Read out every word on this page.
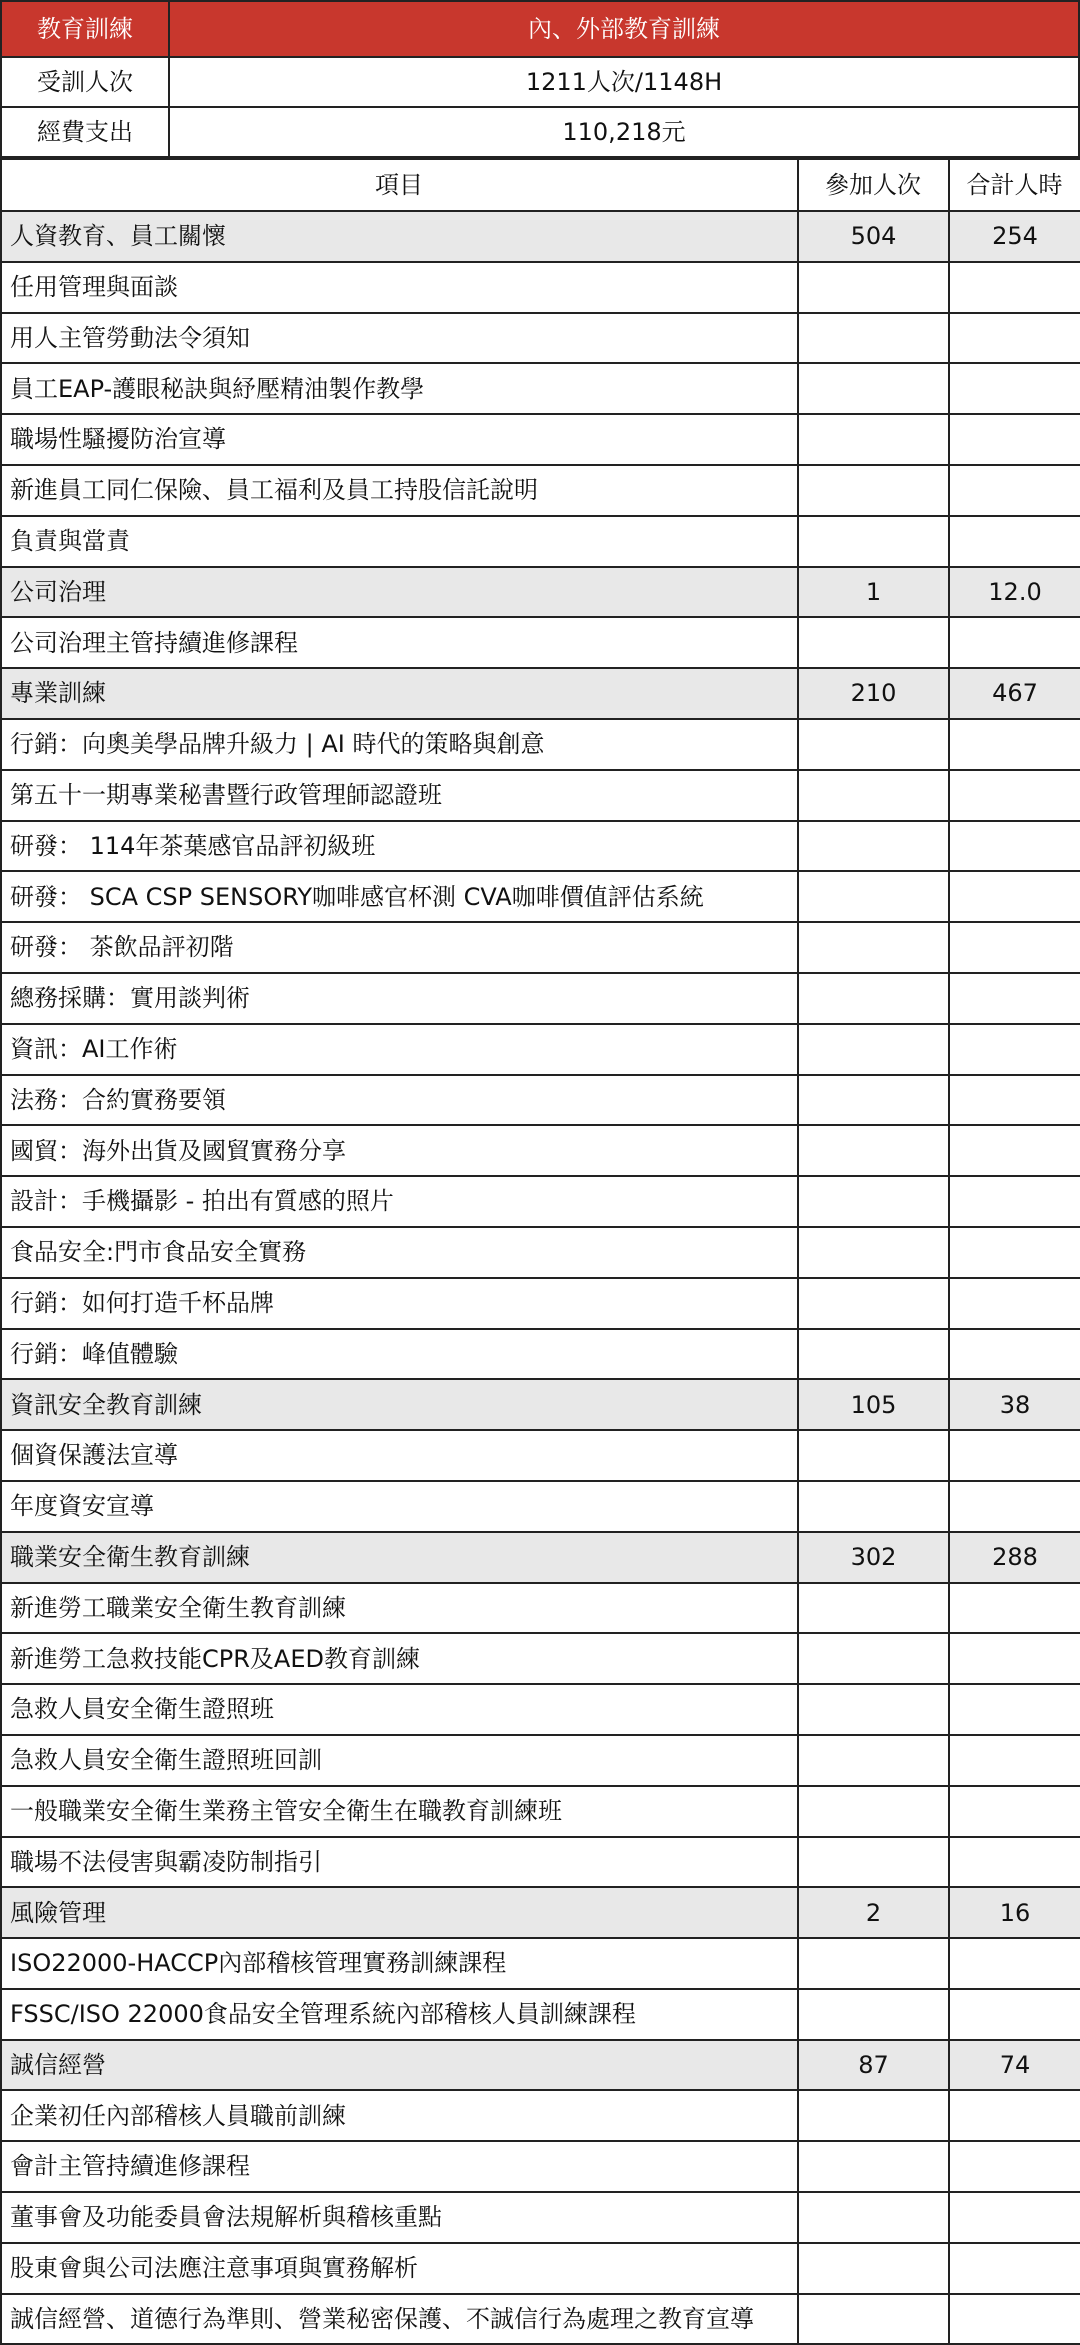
教育訓練	內、外部教育訓練
受訓人次	1211人次/1148H
經費支出	110,218元
項目	參加人次	合計人時
人資教育、員工關懷	504	254
任用管理與面談		
用人主管勞動法令須知		
員工EAP-護眼秘訣與紓壓精油製作教學		
職場性騷擾防治宣導		
新進員工同仁保險、員工福利及員工持股信託說明		
負責與當責		
公司治理	1	12.0
公司治理主管持續進修課程		
專業訓練	210	467
行銷：向奧美學品牌升級力 | AI 時代的策略與創意		
第五十一期專業秘書暨行政管理師認證班		
研發： 114年茶葉感官品評初級班		
研發： SCA CSP SENSORY咖啡感官杯測 CVA咖啡價值評估系統		
研發： 茶飲品評初階		
總務採購：實用談判術		
資訊：AI工作術		
法務：合約實務要領		
國貿：海外出貨及國貿實務分享		
設計：手機攝影 - 拍出有質感的照片		
食品安全:門市食品安全實務		
行銷：如何打造千杯品牌		
行銷：峰值體驗		
資訊安全教育訓練	105	38
個資保護法宣導		
年度資安宣導		
職業安全衛生教育訓練	302	288
新進勞工職業安全衛生教育訓練		
新進勞工急救技能CPR及AED教育訓練		
急救人員安全衛生證照班		
急救人員安全衛生證照班回訓		
一般職業安全衛生業務主管安全衛生在職教育訓練班		
職場不法侵害與霸凌防制指引		
風險管理	2	16
ISO22000-HACCP內部稽核管理實務訓練課程		
FSSC/ISO 22000食品安全管理系統內部稽核人員訓練課程		
誠信經營	87	74
企業初任內部稽核人員職前訓練		
會計主管持續進修課程		
董事會及功能委員會法規解析與稽核重點		
股東會與公司法應注意事項與實務解析		
誠信經營、道德行為準則、營業秘密保護、不誠信行為處理之教育宣導		
